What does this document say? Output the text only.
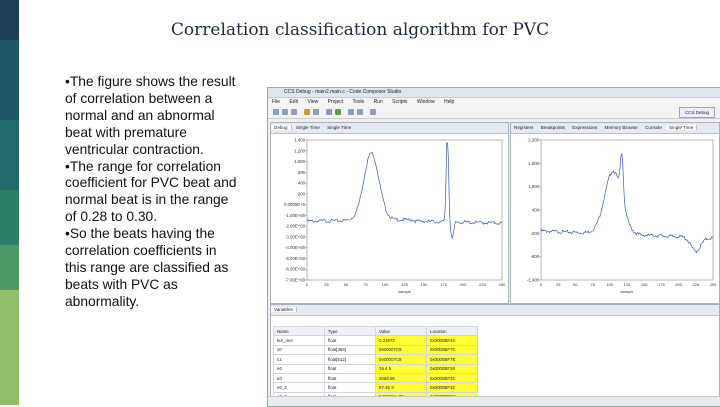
Correlation classification algorithm for PVC
•The figure shows the result
of correlation between a
normal and an abnormal
beat with premature
ventricular contraction.
•The range for correlation
coefficient for PVC beat and
normal beat is in the range
of 0.28 to 0.30.
•So the beats having the
correlation coefficients in
this range are classified as
beats with PVC as
abnormality.
CCS Debug - main2.main.c - Code Composer Studio
File Edit View Project Tools Run Scripts Window Help
CCS Debug
Debug Single Time Single Time
1,400
1,200
1,000
600
400
200
0.0000E+0
-1.00E+00
-2.00E+00
-3.00E+00
-4.00E+00
-5.00E+00
-6.00E+00
-7.00E+00
0	25	50	75	100	125	150	175	200	225	250
sample
Registers Breakpoints Expressions Memory Browse Console Single Time
2,200
1,600
1,000
400
-200
-800
-1,400
0	25	50	75	100	125	150	175	200	225	250
sample
Variables
Name	Type	Value	Location
kur_mel	float	0.21672	0x0000BF4A
s0	float[384]	0x00007C8	0x0000BF7C
s1	float[512]	0x00007C8	0x0000BF7E
e0	float	15.4 5	0x0000BF38
e0	float	3058.96	0x0000BF3C
e0_2	float	87.45 3	0x0000BF32
